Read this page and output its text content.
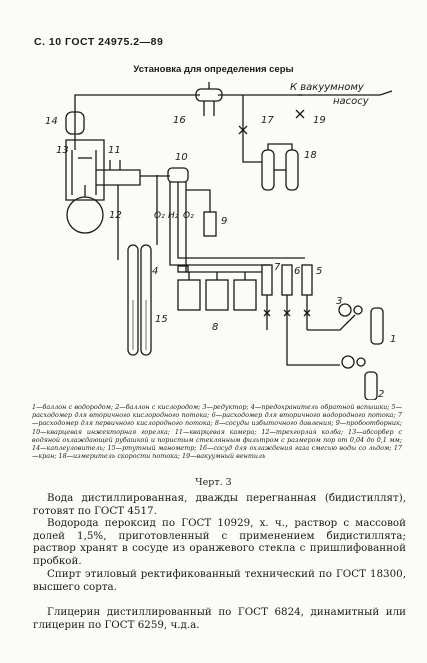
С. 10 ГОСТ 24975.2—89
Установка для определения серы
К вакуумному
насосу
O₂ H₂ O₂
1
2
3
4	5
6
7
8
9
10
11
12
13
14
15
16	17
18
19
1—баллон с водородом; 2—баллон с кислородом; 3—редуктор; 4—предохранитель обратной вспышки; 5—расходомер для вторичного кислородного потока; 6—расходомер для вторичного водородного потока; 7—расходомер для первичного кислородного потока; 8—сосуды избыточного давления; 9—пробоотборник; 10—кварцевая инжекторная горелка; 11—кварцевая камера; 12—трехгорлая колба; 13—абсорбер с водяной охлаждающей рубашкой и пористым стеклянным фильтром с размером пор от 0,04 до 0,1 мм; 14—каплеуловитель; 15—ртутный манометр; 16—сосуд для охлаждения газа смесью воды со льдом; 17—кран; 18—измеритель скорости потока; 19—вакуумный вентиль
Черт. 3
Вода дистиллированная, дважды перегнанная (бидистиллят), готовят по ГОСТ 4517.
Водорода пероксид по ГОСТ 10929, х. ч., раствор с массовой долей 1,5%, приготовленный с применением бидистиллята; раствор хранят в сосуде из оранжевого стекла с пришлифованной пробкой.
Спирт этиловый ректификованный технический по ГОСТ 18300, высшего сорта.
Глицерин дистиллированный по ГОСТ 6824, динамитный или глицерин по ГОСТ 6259, ч.д.а.
